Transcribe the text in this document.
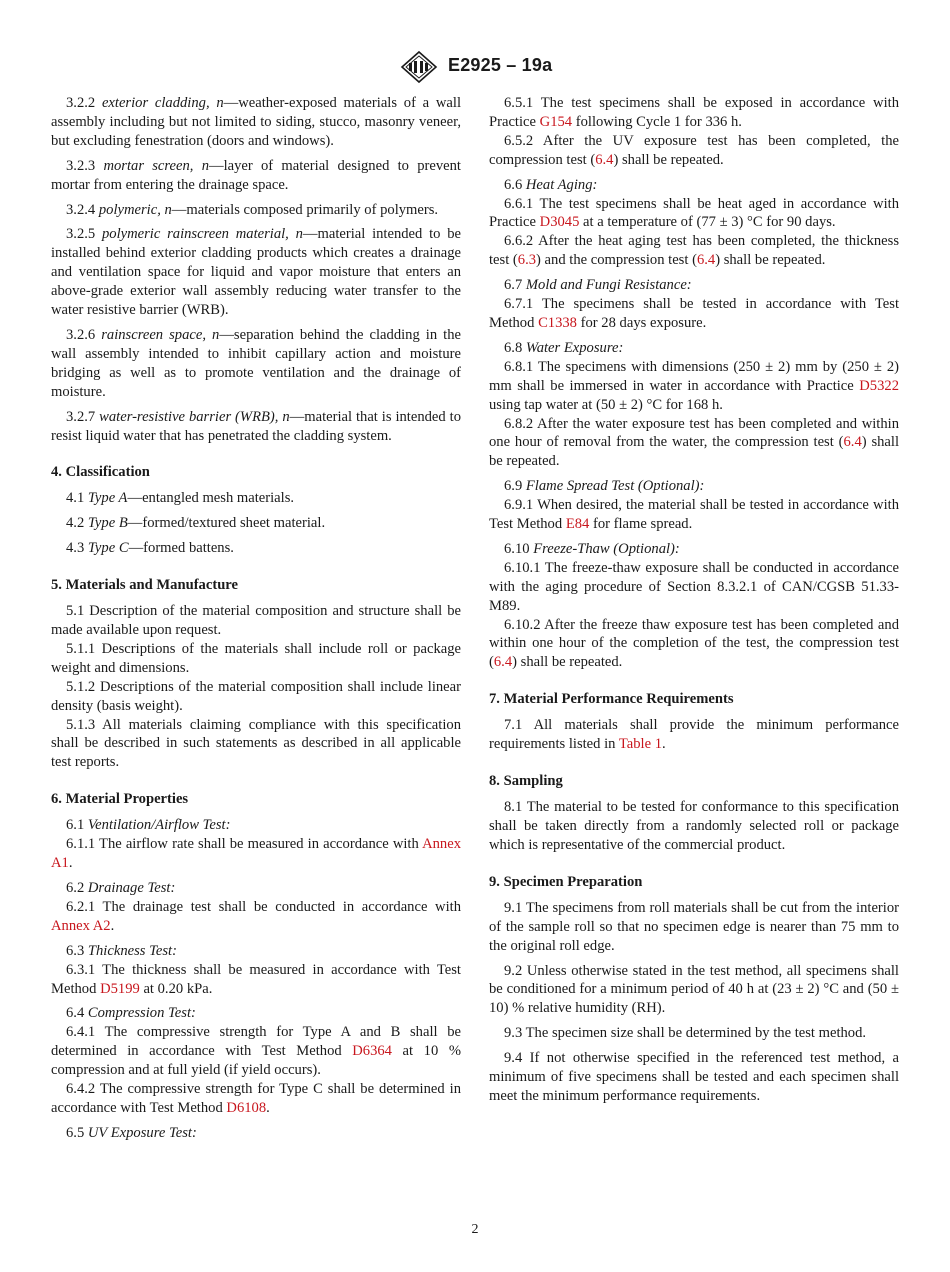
E2925 – 19a

3.2.2 exterior cladding, n—weather-exposed materials of a wall assembly including but not limited to siding, stucco, masonry veneer, but excluding fenestration (doors and windows).

3.2.3 mortar screen, n—layer of material designed to prevent mortar from entering the drainage space.

3.2.4 polymeric, n—materials composed primarily of polymers.

3.2.5 polymeric rainscreen material, n—material intended to be installed behind exterior cladding products which creates a drainage and ventilation space for liquid and vapor moisture that enters an above-grade exterior wall assembly reducing water transfer to the water resistive barrier (WRB).

3.2.6 rainscreen space, n—separation behind the cladding in the wall assembly intended to inhibit capillary action and moisture bridging as well as to promote ventilation and the drainage of moisture.

3.2.7 water-resistive barrier (WRB), n—material that is intended to resist liquid water that has penetrated the cladding system.

4. Classification

4.1 Type A—entangled mesh materials.

4.2 Type B—formed/textured sheet material.

4.3 Type C—formed battens.

5. Materials and Manufacture

5.1 Description of the material composition and structure shall be made available upon request.

5.1.1 Descriptions of the materials shall include roll or package weight and dimensions.

5.1.2 Descriptions of the material composition shall include linear density (basis weight).

5.1.3 All materials claiming compliance with this specification shall be described in such statements as described in all applicable test reports.

6. Material Properties

6.1 Ventilation/Airflow Test:

6.1.1 The airflow rate shall be measured in accordance with Annex A1.

6.2 Drainage Test:

6.2.1 The drainage test shall be conducted in accordance with Annex A2.

6.3 Thickness Test:

6.3.1 The thickness shall be measured in accordance with Test Method D5199 at 0.20 kPa.

6.4 Compression Test:

6.4.1 The compressive strength for Type A and B shall be determined in accordance with Test Method D6364 at 10 % compression and at full yield (if yield occurs).

6.4.2 The compressive strength for Type C shall be determined in accordance with Test Method D6108.

6.5 UV Exposure Test:

6.5.1 The test specimens shall be exposed in accordance with Practice G154 following Cycle 1 for 336 h.

6.5.2 After the UV exposure test has been completed, the compression test (6.4) shall be repeated.

6.6 Heat Aging:

6.6.1 The test specimens shall be heat aged in accordance with Practice D3045 at a temperature of (77 ± 3) °C for 90 days.

6.6.2 After the heat aging test has been completed, the thickness test (6.3) and the compression test (6.4) shall be repeated.

6.7 Mold and Fungi Resistance:

6.7.1 The specimens shall be tested in accordance with Test Method C1338 for 28 days exposure.

6.8 Water Exposure:

6.8.1 The specimens with dimensions (250 ± 2) mm by (250 ± 2) mm shall be immersed in water in accordance with Practice D5322 using tap water at (50 ± 2) °C for 168 h.

6.8.2 After the water exposure test has been completed and within one hour of removal from the water, the compression test (6.4) shall be repeated.

6.9 Flame Spread Test (Optional):

6.9.1 When desired, the material shall be tested in accordance with Test Method E84 for flame spread.

6.10 Freeze-Thaw (Optional):

6.10.1 The freeze-thaw exposure shall be conducted in accordance with the aging procedure of Section 8.3.2.1 of CAN/CGSB 51.33-M89.

6.10.2 After the freeze thaw exposure test has been completed and within one hour of the completion of the test, the compression test (6.4) shall be repeated.

7. Material Performance Requirements

7.1 All materials shall provide the minimum performance requirements listed in Table 1.

8. Sampling

8.1 The material to be tested for conformance to this specification shall be taken directly from a randomly selected roll or package which is representative of the commercial product.

9. Specimen Preparation

9.1 The specimens from roll materials shall be cut from the interior of the sample roll so that no specimen edge is nearer than 75 mm to the original roll edge.

9.2 Unless otherwise stated in the test method, all specimens shall be conditioned for a minimum period of 40 h at (23 ± 2) °C and (50 ± 10) % relative humidity (RH).

9.3 The specimen size shall be determined by the test method.

9.4 If not otherwise specified in the referenced test method, a minimum of five specimens shall be tested and each specimen shall meet the minimum performance requirements.

2
